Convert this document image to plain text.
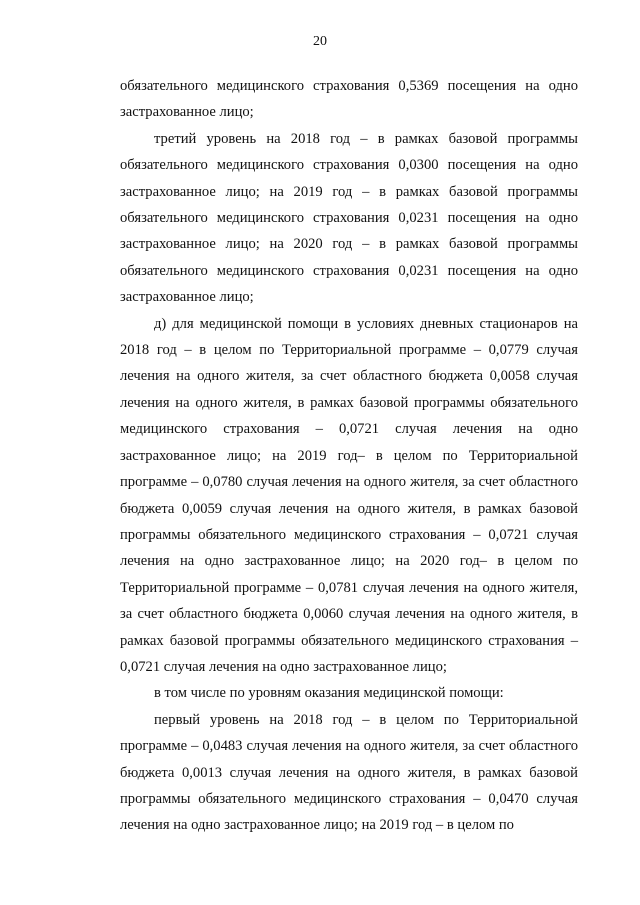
20

обязательного медицинского страхования 0,5369 посещения на одно застрахованное лицо;

третий уровень на 2018 год – в рамках базовой программы обязательного медицинского страхования 0,0300 посещения на одно застрахованное лицо; на 2019 год – в рамках базовой программы обязательного медицинского страхования 0,0231 посещения на одно застрахованное лицо; на 2020 год – в рамках базовой программы обязательного медицинского страхования 0,0231 посещения на одно застрахованное лицо;

д) для медицинской помощи в условиях дневных стационаров на 2018 год – в целом по Территориальной программе – 0,0779 случая лечения на одного жителя, за счет областного бюджета 0,0058 случая лечения на одного жителя, в рамках базовой программы обязательного медицинского страхования – 0,0721 случая лечения на одно застрахованное лицо; на 2019 год– в целом по Территориальной программе – 0,0780 случая лечения на одного жителя, за счет областного бюджета 0,0059 случая лечения на одного жителя, в рамках базовой программы обязательного медицинского страхования – 0,0721 случая лечения на одно застрахованное лицо; на 2020 год– в целом по Территориальной программе – 0,0781 случая лечения на одного жителя, за счет областного бюджета 0,0060 случая лечения на одного жителя, в рамках базовой программы обязательного медицинского страхования – 0,0721 случая лечения на одно застрахованное лицо;

в том числе по уровням оказания медицинской помощи:

первый уровень на 2018 год – в целом по Территориальной программе – 0,0483 случая лечения на одного жителя, за счет областного бюджета 0,0013 случая лечения на одного жителя, в рамках базовой программы обязательного медицинского страхования – 0,0470 случая лечения на одно застрахованное лицо; на 2019 год – в целом по
